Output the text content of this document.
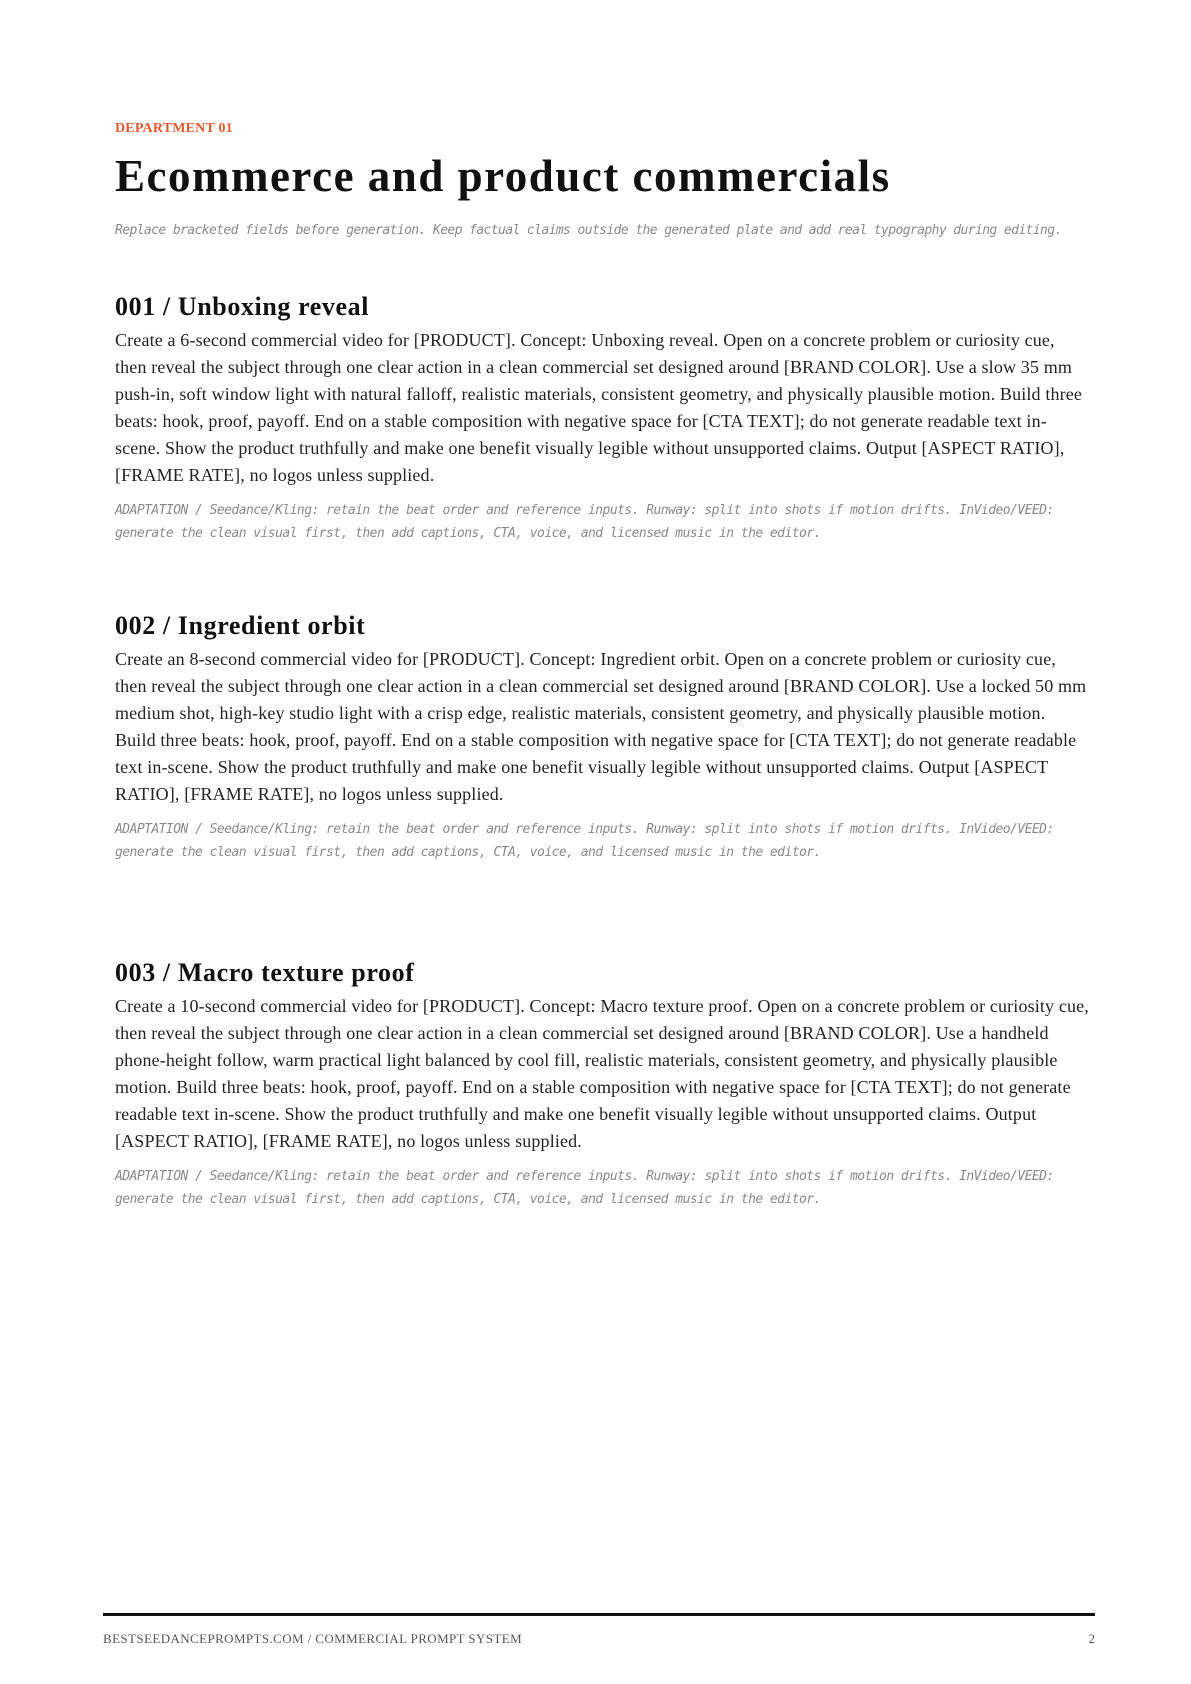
DEPARTMENT 01

Ecommerce and product commercials

Replace bracketed fields before generation. Keep factual claims outside the generated plate and add real typography during editing.

001 / Unboxing reveal

Create a 6-second commercial video for [PRODUCT]. Concept: Unboxing reveal. Open on a concrete problem or curiosity cue, then reveal the subject through one clear action in a clean commercial set designed around [BRAND COLOR]. Use a slow 35 mm push-in, soft window light with natural falloff, realistic materials, consistent geometry, and physically plausible motion. Build three beats: hook, proof, payoff. End on a stable composition with negative space for [CTA TEXT]; do not generate readable text in-scene. Show the product truthfully and make one benefit visually legible without unsupported claims. Output [ASPECT RATIO], [FRAME RATE], no logos unless supplied.

ADAPTATION / Seedance/Kling: retain the beat order and reference inputs. Runway: split into shots if motion drifts. InVideo/VEED: generate the clean visual first, then add captions, CTA, voice, and licensed music in the editor.

002 / Ingredient orbit

Create an 8-second commercial video for [PRODUCT]. Concept: Ingredient orbit. Open on a concrete problem or curiosity cue, then reveal the subject through one clear action in a clean commercial set designed around [BRAND COLOR]. Use a locked 50 mm medium shot, high-key studio light with a crisp edge, realistic materials, consistent geometry, and physically plausible motion. Build three beats: hook, proof, payoff. End on a stable composition with negative space for [CTA TEXT]; do not generate readable text in-scene. Show the product truthfully and make one benefit visually legible without unsupported claims. Output [ASPECT RATIO], [FRAME RATE], no logos unless supplied.

ADAPTATION / Seedance/Kling: retain the beat order and reference inputs. Runway: split into shots if motion drifts. InVideo/VEED: generate the clean visual first, then add captions, CTA, voice, and licensed music in the editor.

003 / Macro texture proof

Create a 10-second commercial video for [PRODUCT]. Concept: Macro texture proof. Open on a concrete problem or curiosity cue, then reveal the subject through one clear action in a clean commercial set designed around [BRAND COLOR]. Use a handheld phone-height follow, warm practical light balanced by cool fill, realistic materials, consistent geometry, and physically plausible motion. Build three beats: hook, proof, payoff. End on a stable composition with negative space for [CTA TEXT]; do not generate readable text in-scene. Show the product truthfully and make one benefit visually legible without unsupported claims. Output [ASPECT RATIO], [FRAME RATE], no logos unless supplied.

ADAPTATION / Seedance/Kling: retain the beat order and reference inputs. Runway: split into shots if motion drifts. InVideo/VEED: generate the clean visual first, then add captions, CTA, voice, and licensed music in the editor.

BESTSEEDANCEPROMPTS.COM / COMMERCIAL PROMPT SYSTEM	2
